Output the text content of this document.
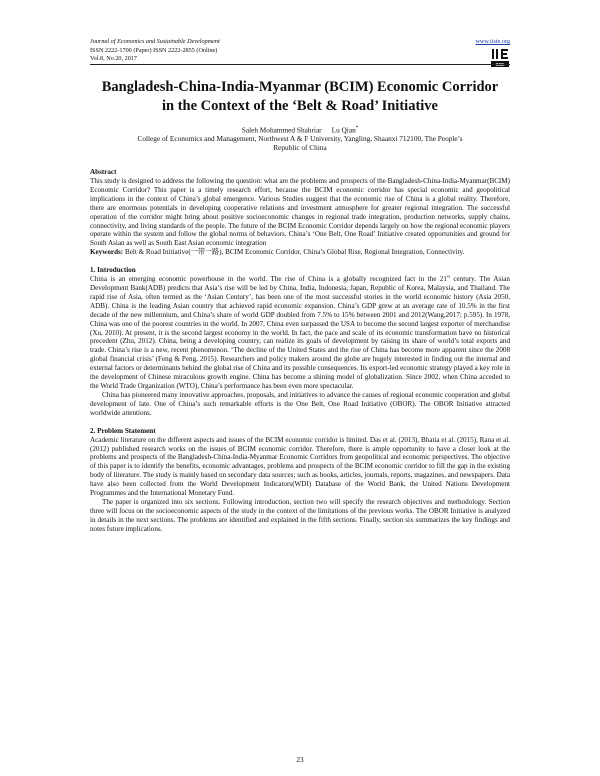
Journal of Economics and Sustainable Development
ISSN 2222-1700 (Paper) ISSN 2222-2855 (Online)
Vol.8, No.20, 2017
www.iiste.org
IISE
Bangladesh-China-India-Myanmar (BCIM) Economic Corridor
in the Context of the ‘Belt & Road’ Initiative
Saleh Mohammed Shahriar Lu Qian*
College of Economics and Management, Northwest A & F University, Yangling, Shaanxi 712100, The People’s
Republic of China

Abstract

This study is designed to address the following the question: what are the problems and prospects of the Bangladesh-China-India-Myanmar(BCIM) Economic Corridor? This paper is a timely research effort, because the BCIM economic corridor has special economic and geopolitical implications in the context of China’s global emergence. Various Studies suggest that the economic rise of China is a global reality. Therefore, there are enormous potentials in developing cooperative relations and investment atmosphere for greater regional integration. The successful operation of the corridor might bring about positive socioeconomic changes in regional trade integration, production networks, supply chains, connectivity, and living standards of the people. The future of the BCIM Economic Corridor depends largely on how the regional economic players operate within the system and follow the global norms of behaviors. China’s ‘One Belt, One Road’ Initiative created opportunities and ground for South Asian as well as South East Asian economic integration

Keywords: Belt & Road Initiative(一带一路), BCIM Economic Corridor, China’s Global Rise, Regional Integration, Connectivity.

1. Introduction

China is an emerging economic powerhouse in the world. The rise of China is a globally recognized fact in the 21st century. The Asian Development Bank(ADB) predicts that Asia’s rise will be led by China, India, Indonesia, Japan, Republic of Korea, Malaysia, and Thailand. The rapid rise of Asia, often termed as the ‘Asian Century’, has been one of the most successful stories in the world economic history (Asia 2050, ADB). China is the leading Asian country that achieved rapid economic expansion. China’s GDP grew at an average rate of 10.5% in the first decade of the new millennium, and China’s share of world GDP doubled from 7.5% to 15% between 2001 and 2012(Wang,2017; p.595). In 1978, China was one of the poorest countries in the world. In 2007, China even surpassed the USA to become the second largest exporter of merchandise (Xu, 2010). At present, it is the second largest economy in the world. In fact, the pace and scale of its economic transformation have no historical precedent (Zhu, 2012). China, being a developing country, can realize its goals of development by raising its share of world’s total exports and trade. China’s rise is a new, recent phenomenon. ‘The decline of the United States and the rise of China has become more apparent since the 2008 global financial crisis’ (Feng & Peng, 2015). Researchers and policy makers around the globe are hugely interested in finding out the internal and external factors or determinants behind the global rise of China and its possible consequences. Its export-led economic strategy played a key role in the development of Chinese miraculous growth engine. China has become a shining model of globalization. Since 2002, when China acceded to the World Trade Organization (WTO), China’s performance has been even more spectacular.

China has pioneered many innovative approaches, proposals, and initiatives to advance the causes of regional economic cooperation and global development of late. One of China’s such remarkable efforts is the One Belt, One Road Initiative (OBOR). The OBOR Initiative attracted worldwide attentions.

2. Problem Statement

Academic literature on the different aspects and issues of the BCIM economic corridor is limited. Das et al. (2013), Bhatia et al. (2015), Rana et al. (2012) published research works on the issues of BCIM economic corridor. Therefore, there is ample opportunity to have a closer look at the problems and prospects of the Bangladesh-China-India-Myanmar Economic Corridors from geopolitical and economic perspectives. The objective of this paper is to identify the benefits, economic advantages, problems and prospects of the BCIM economic corridor to fill the gap in the existing body of literature. The study is mainly based on secondary data sources; such as books, articles, journals, reports, magazines, and newspapers. Data have also been collected from the World Development Indicators(WDI) Database of the World Bank, the United Nations Development Programmes and the International Monetary Fund.

The paper is organized into six sections. Following introduction, section two will specify the research objectives and methodology. Section three will focus on the socioeconomic aspects of the study in the context of the limitations of the previous works. The OBOR Initiative is analyzed in details in the next sections. The problems are identified and explained in the fifth sections. Finally, section six summarizes the key findings and notes future implications.

23
